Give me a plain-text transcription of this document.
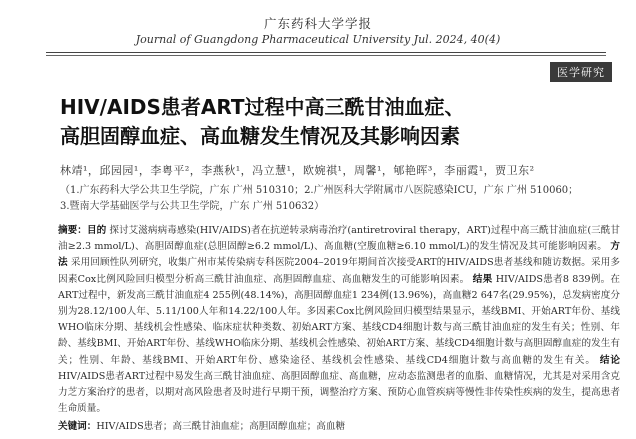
广东药科大学学报
Journal of Guangdong Pharmaceutical University Jul. 2024, 40(4)
医学研究
HIV/AIDS患者ART过程中高三酰甘油血症、
高胆固醇血症、高血糖发生情况及其影响因素
林靖¹，邱园园¹，李粤平²，李燕秋¹，冯立慧¹，欧婉祺¹，周馨¹，郇艳晖³，李丽霞¹，贾卫东²
（1.广东药科大学公共卫生学院，广东 广州 510310；2.广州医科大学附属市八医院感染ICU，广东 广州 510060；
3.暨南大学基础医学与公共卫生学院，广东 广州 510632）

摘要：目的 探讨艾滋病病毒感染(HIV/AIDS)者在抗逆转录病毒治疗(antiretroviral therapy，ART)过程中高三酰甘油血症(三酰甘油≥2.3 mmol/L)、高胆固醇血症(总胆固醇≥6.2 mmol/L)、高血糖(空腹血糖≥6.10 mmol/L)的发生情况及其可能影响因素。 方法 采用回顾性队列研究，收集广州市某传染病专科医院2004–2019年期间首次接受ART的HIV/AIDS患者基线和随访数据。采用多因素Cox比例风险回归模型分析高三酰甘油血症、高胆固醇血症、高血糖发生的可能影响因素。 结果 HIV/AIDS患者8 839例。在ART过程中，新发高三酰甘油血症4 255例(48.14%)，高胆固醇血症1 234例(13.96%)，高血糖2 647名(29.95%)，总发病密度分别为28.12/100人年、5.11/100人年和14.22/100人年。多因素Cox比例风险回归模型结果显示，基线BMI、开始ART年份、基线WHO临床分期、基线机会性感染、临床症状种类数、初始ART方案、基线CD4细胞计数与高三酰甘油血症的发生有关；性别、年龄、基线BMI、开始ART年份、基线WHO临床分期、基线机会性感染、初始ART方案、基线CD4细胞计数与高胆固醇血症的发生有关；性别、年龄、基线BMI、开始ART年份、感染途径、基线机会性感染、基线CD4细胞计数与高血糖的发生有关。 结论 HIV/AIDS患者ART过程中易发生高三酰甘油血症、高胆固醇血症、高血糖，应动态监测患者的血脂、血糖情况，尤其是对采用含克力芝方案治疗的患者，以期对高风险患者及时进行早期干预，调整治疗方案、预防心血管疾病等慢性非传染性疾病的发生，提高患者生命质量。

关键词：HIV/AIDS患者；高三酰甘油血症；高胆固醇血症；高血糖
